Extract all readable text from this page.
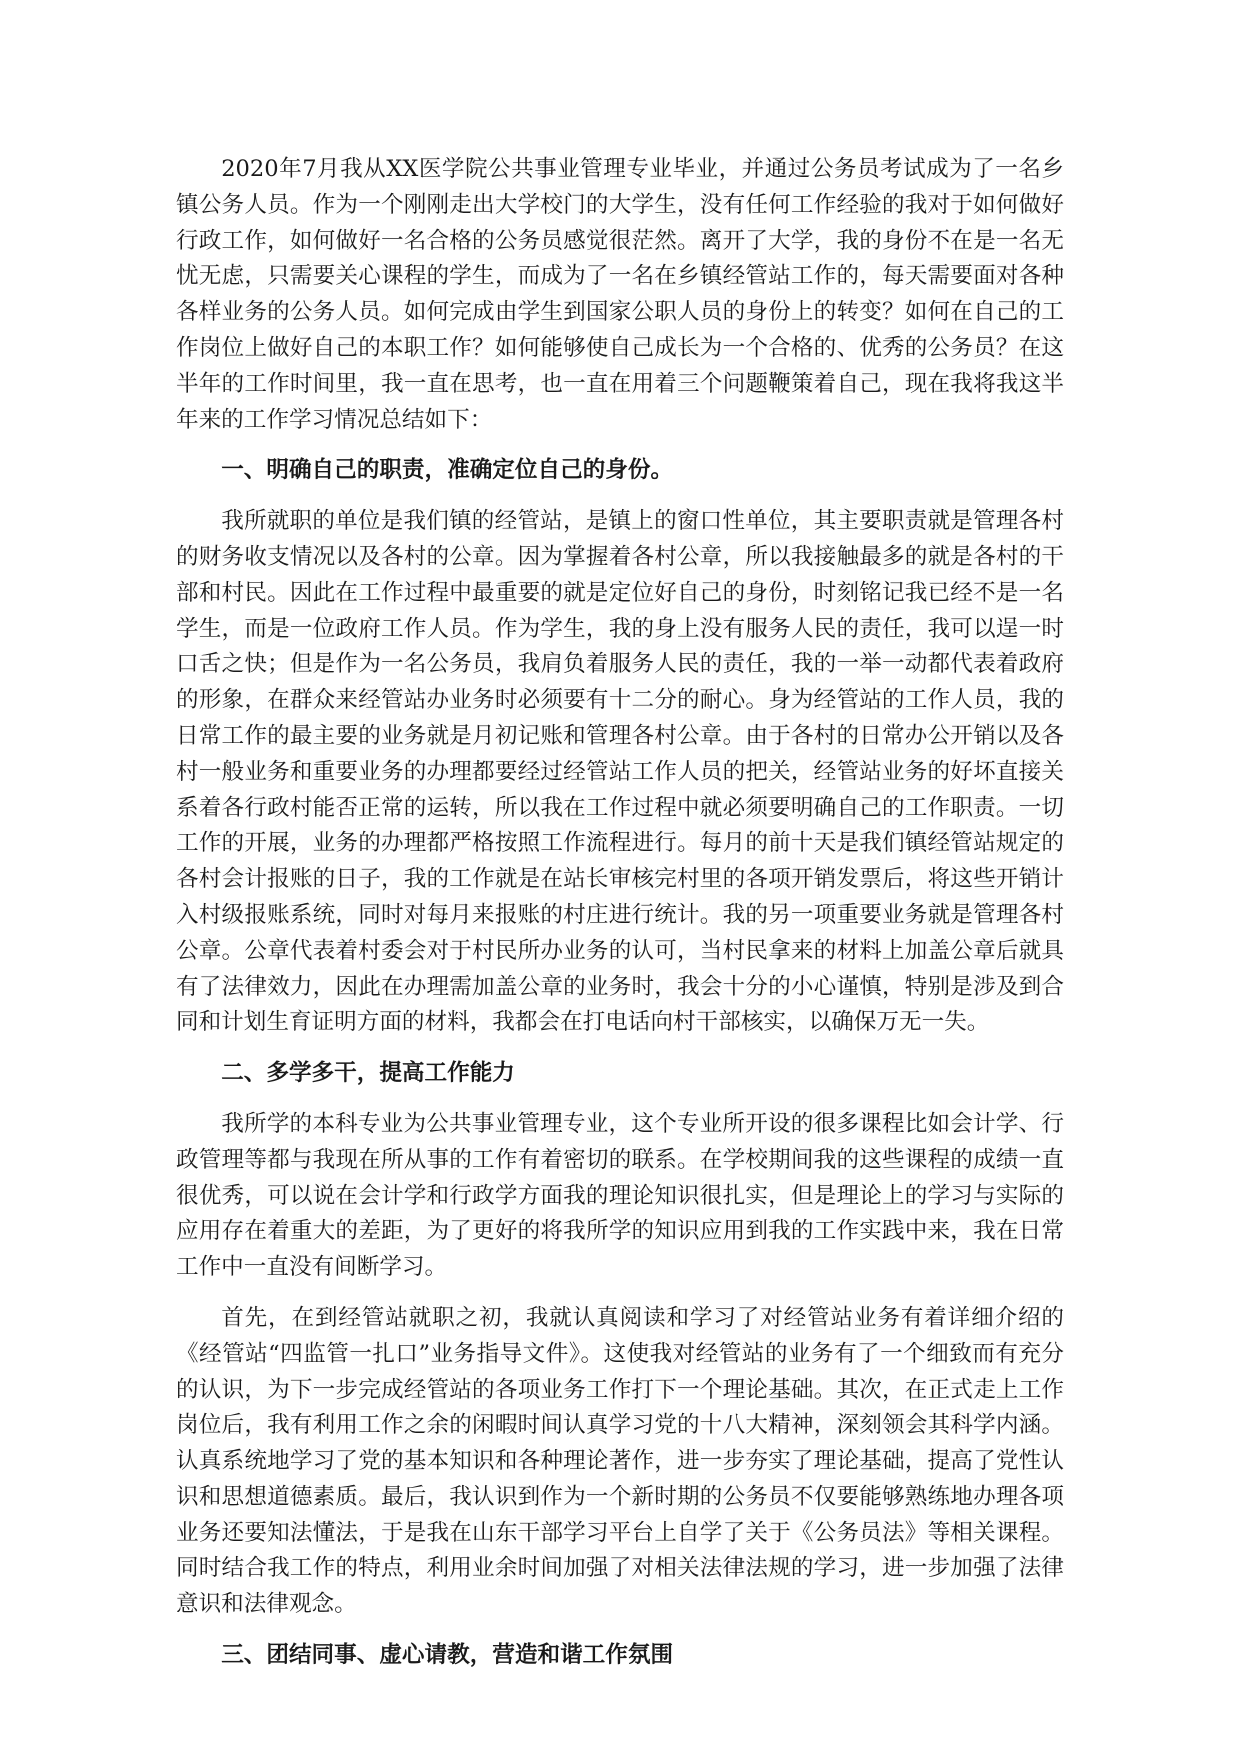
2020年7月我从XX医学院公共事业管理专业毕业，并通过公务员考试成为了一名乡镇公务人员。作为一个刚刚走出大学校门的大学生，没有任何工作经验的我对于如何做好行政工作，如何做好一名合格的公务员感觉很茫然。离开了大学，我的身份不在是一名无忧无虑，只需要关心课程的学生，而成为了一名在乡镇经管站工作的，每天需要面对各种各样业务的公务人员。如何完成由学生到国家公职人员的身份上的转变？如何在自己的工作岗位上做好自己的本职工作？如何能够使自己成长为一个合格的、优秀的公务员？在这半年的工作时间里，我一直在思考，也一直在用着三个问题鞭策着自己，现在我将我这半年来的工作学习情况总结如下：

一、明确自己的职责，准确定位自己的身份。

我所就职的单位是我们镇的经管站，是镇上的窗口性单位，其主要职责就是管理各村的财务收支情况以及各村的公章。因为掌握着各村公章，所以我接触最多的就是各村的干部和村民。因此在工作过程中最重要的就是定位好自己的身份，时刻铭记我已经不是一名学生，而是一位政府工作人员。作为学生，我的身上没有服务人民的责任，我可以逞一时口舌之快；但是作为一名公务员，我肩负着服务人民的责任，我的一举一动都代表着政府的形象，在群众来经管站办业务时必须要有十二分的耐心。身为经管站的工作人员，我的日常工作的最主要的业务就是月初记账和管理各村公章。由于各村的日常办公开销以及各村一般业务和重要业务的办理都要经过经管站工作人员的把关，经管站业务的好坏直接关系着各行政村能否正常的运转，所以我在工作过程中就必须要明确自己的工作职责。一切工作的开展，业务的办理都严格按照工作流程进行。每月的前十天是我们镇经管站规定的各村会计报账的日子，我的工作就是在站长审核完村里的各项开销发票后，将这些开销计入村级报账系统，同时对每月来报账的村庄进行统计。我的另一项重要业务就是管理各村公章。公章代表着村委会对于村民所办业务的认可，当村民拿来的材料上加盖公章后就具有了法律效力，因此在办理需加盖公章的业务时，我会十分的小心谨慎，特别是涉及到合同和计划生育证明方面的材料，我都会在打电话向村干部核实，以确保万无一失。

二、多学多干，提高工作能力

我所学的本科专业为公共事业管理专业，这个专业所开设的很多课程比如会计学、行政管理等都与我现在所从事的工作有着密切的联系。在学校期间我的这些课程的成绩一直很优秀，可以说在会计学和行政学方面我的理论知识很扎实，但是理论上的学习与实际的应用存在着重大的差距，为了更好的将我所学的知识应用到我的工作实践中来，我在日常工作中一直没有间断学习。

首先，在到经管站就职之初，我就认真阅读和学习了对经管站业务有着详细介绍的《经管站“四监管一扎口”业务指导文件》。这使我对经管站的业务有了一个细致而有充分的认识，为下一步完成经管站的各项业务工作打下一个理论基础。其次，在正式走上工作岗位后，我有利用工作之余的闲暇时间认真学习党的十八大精神，深刻领会其科学内涵。认真系统地学习了党的基本知识和各种理论著作，进一步夯实了理论基础，提高了党性认识和思想道德素质。最后，我认识到作为一个新时期的公务员不仅要能够熟练地办理各项业务还要知法懂法，于是我在山东干部学习平台上自学了关于《公务员法》等相关课程。同时结合我工作的特点，利用业余时间加强了对相关法律法规的学习，进一步加强了法律意识和法律观念。

三、团结同事、虚心请教，营造和谐工作氛围
